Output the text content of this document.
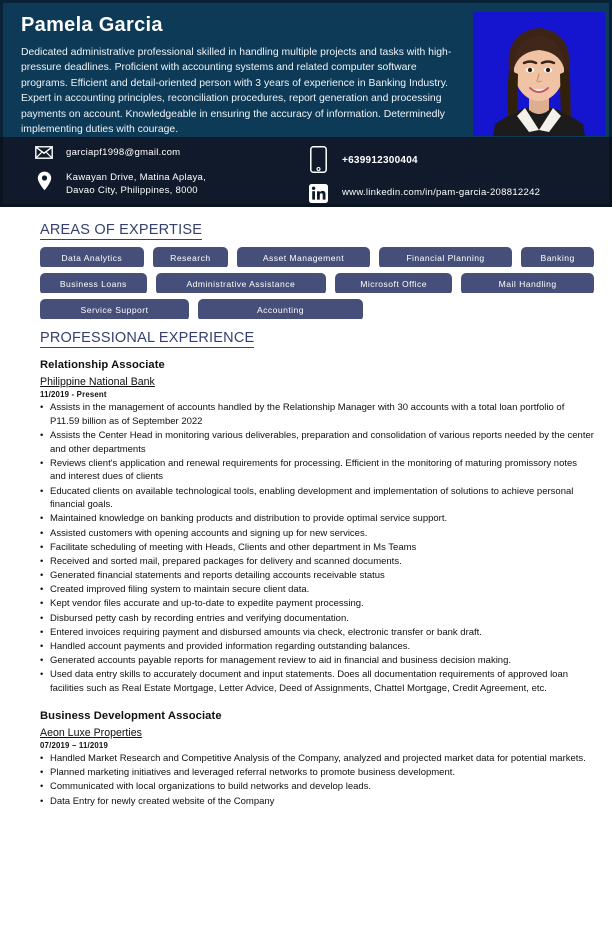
Pamela Garcia

Dedicated administrative professional skilled in handling multiple projects and tasks with high-pressure deadlines. Proficient with accounting systems and related computer software programs. Efficient and detail-oriented person with 3 years of experience in Banking Industry. Expert in accounting principles, reconciliation procedures, report generation and processing payments on account. Knowledgeable in ensuring the accuracy of information. Determinedly implementing duties with courage.

garciapf1998@gmail.com
Kawayan Drive, Matina Aplaya,
Davao City, Philippines, 8000
+639912300404
www.linkedin.com/in/pam-garcia-208812242
AREAS OF EXPERTISE
Data Analytics	Research	Asset Management	Financial Planning	Banking
Business Loans	Administrative Assistance	Microsoft Office	Mail Handling
Service Support	Accounting
PROFESSIONAL EXPERIENCE
Relationship Associate
Philippine National Bank
11/2019 - Present
• Assists in the management of accounts handled by the Relationship Manager with 30 accounts with a total loan portfolio of P11.59 billion as of September 2022
• Assists the Center Head in monitoring various deliverables, preparation and consolidation of various reports needed by the center and other departments
• Reviews client's application and renewal requirements for processing. Efficient in the monitoring of maturing promissory notes and interest dues of clients
• Educated clients on available technological tools, enabling development and implementation of solutions to achieve personal financial goals.
• Maintained knowledge on banking products and distribution to provide optimal service support.
• Assisted customers with opening accounts and signing up for new services.
• Facilitate scheduling of meeting with Heads, Clients and other department in Ms Teams
• Received and sorted mail, prepared packages for delivery and scanned documents.
• Generated financial statements and reports detailing accounts receivable status
• Created improved filing system to maintain secure client data.
• Kept vendor files accurate and up-to-date to expedite payment processing.
• Disbursed petty cash by recording entries and verifying documentation.
• Entered invoices requiring payment and disbursed amounts via check, electronic transfer or bank draft.
• Handled account payments and provided information regarding outstanding balances.
• Generated accounts payable reports for management review to aid in financial and business decision making.
• Used data entry skills to accurately document and input statements. Does all documentation requirements of approved loan facilities such as Real Estate Mortgage, Letter Advice, Deed of Assignments, Chattel Mortgage, Credit Agreement, etc.
Business Development Associate
Aeon Luxe Properties
07/2019 – 11/2019
• Handled Market Research and Competitive Analysis of the Company, analyzed and projected market data for potential markets.
• Planned marketing initiatives and leveraged referral networks to promote business development.
• Communicated with local organizations to build networks and develop leads.
• Data Entry for newly created website of the Company
